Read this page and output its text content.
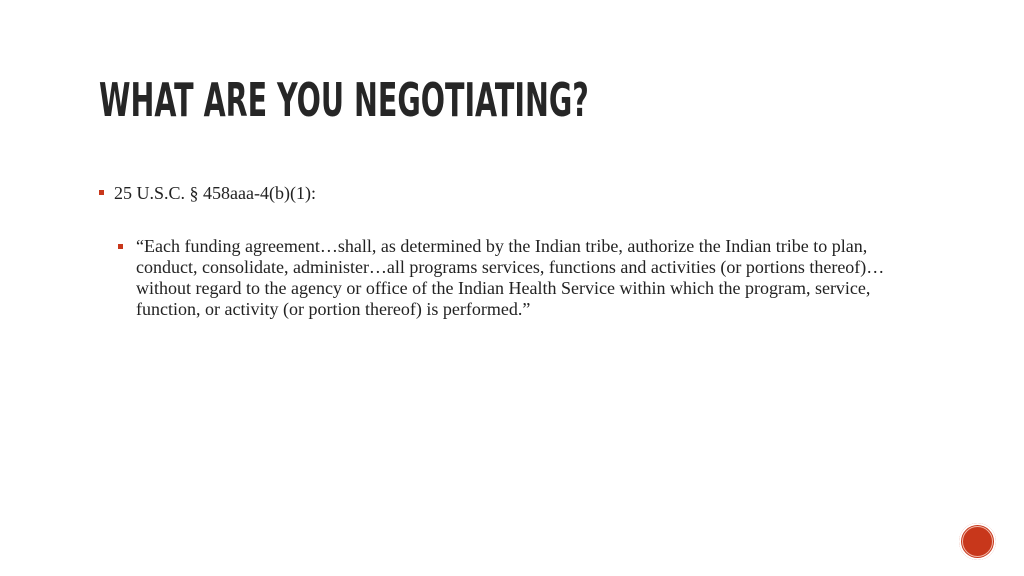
WHAT ARE YOU NEGOTIATING?
25 U.S.C. § 458aaa-4(b)(1):
“Each funding agreement…shall, as determined by the Indian tribe, authorize the Indian tribe to plan, conduct, consolidate, administer…all programs services, functions and activities (or portions thereof)…without regard to the agency or office of the Indian Health Service within which the program, service, function, or activity (or portion thereof) is performed.”
